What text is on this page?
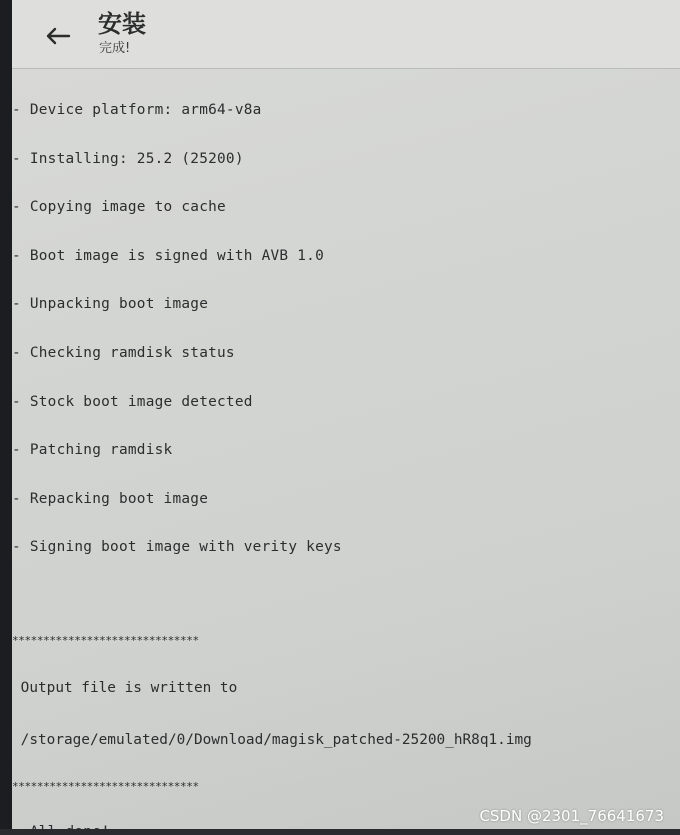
安装
完成!

- Device platform: arm64-v8a

- Installing: 25.2 (25200)

- Copying image to cache

- Boot image is signed with AVB 1.0

- Unpacking boot image

- Checking ramdisk status

- Stock boot image detected

- Patching ramdisk

- Repacking boot image

- Signing boot image with verity keys

******************************

Output file is written to

/storage/emulated/0/Download/magisk_patched-25200_hR8q1.img

******************************

CSDN @2301_76641673
